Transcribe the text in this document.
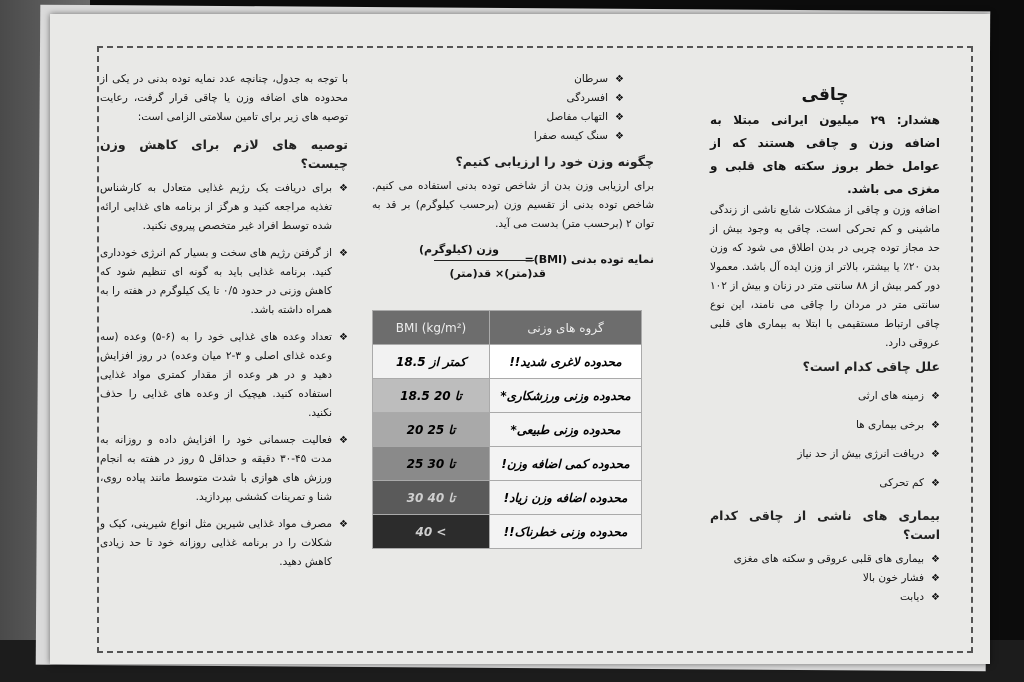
چاقی
هشدار: ۲۹ میلیون ایرانی مبتلا به اضافه وزن و چاقی هستند که از عوامل خطر بروز سکته های قلبی و مغزی می باشد.
اضافه وزن و چاقی از مشکلات شایع ناشی از زندگی ماشینی و کم تحرکی است. چاقی به وجود بیش از حد مجاز توده چربی در بدن اطلاق می شود که وزن بدن ۲۰٪ یا بیشتر، بالاتر از وزن ایده آل باشد. معمولا دور کمر بیش از ۸۸ سانتی متر در زنان و بیش از ۱۰۲ سانتی متر در مردان را چاقی می نامند، این نوع چاقی ارتباط مستقیمی با ابتلا به بیماری های قلبی عروقی دارد.
علل چاقی کدام است؟
❖
زمینه های ارثی
❖
برخی بیماری ها
❖
دریافت انرژی بیش از حد نیاز
❖
کم تحرکی
بیماری های ناشی از چاقی کدام است؟
❖
بیماری های قلبی عروقی و سکته های مغزی
❖
فشار خون بالا
❖
دیابت
❖
سرطان
❖
افسردگی
❖
التهاب مفاصل
❖
سنگ کیسه صفرا
چگونه وزن خود را ارزیابی کنیم؟
برای ارزیابی وزن بدن از شاخص توده بدنی استفاده می کنیم. شاخص توده بدنی از تقسیم وزن (برحسب کیلوگرم) بر قد به توان ۲ (برحسب متر) بدست می آید.
نمایه توده بدنی (BMI)=
وزن (کیلوگرم)
قد(متر)× قد(متر)
BMI (kg/m²)	گروه های وزنی
کمتر از 18.5	محدوده لاغری شدید!!
18.5 تا 20	محدوده وزنی ورزشکاری*
20 تا 25	محدوده وزنی طبیعی*
25 تا 30	محدوده کمی اضافه وزن!
30 تا 40	محدوده اضافه وزن زیاد!
40 <	محدوده وزنی خطرناک!!
با توجه به جدول، چنانچه عدد نمایه توده بدنی در یکی از محدوده های اضافه وزن یا چاقی قرار گرفت، رعایت توصیه های زیر برای تامین سلامتی الزامی است:
توصیه های لازم برای کاهش وزن چیست؟
❖
برای دریافت یک رژیم غذایی متعادل به کارشناس تغذیه مراجعه کنید و هرگز از برنامه های غذایی ارائه شده توسط افراد غیر متخصص پیروی نکنید.
❖
از گرفتن رژیم های سخت و بسیار کم انرژی خودداری کنید. برنامه غذایی باید به گونه ای تنظیم شود که کاهش وزنی در حدود ۰/۵ تا یک کیلوگرم در هفته را به همراه داشته باشد.
❖
تعداد وعده های غذایی خود را به (۶-۵) وعده (سه وعده غذای اصلی و ۳-۲ میان وعده) در روز افزایش دهید و در هر وعده از مقدار کمتری مواد غذایی استفاده کنید. هیچیک از وعده های غذایی را حذف نکنید.
❖
فعالیت جسمانی خود را افزایش داده و روزانه به مدت ۴۵-۳۰ دقیقه و حداقل ۵ روز در هفته به انجام ورزش های هوازی با شدت متوسط مانند پیاده روی، شنا و تمرینات کششی بپردازید.
❖
مصرف مواد غذایی شیرین مثل انواع شیرینی، کیک و شکلات را در برنامه غذایی روزانه خود تا حد زیادی کاهش دهید.
